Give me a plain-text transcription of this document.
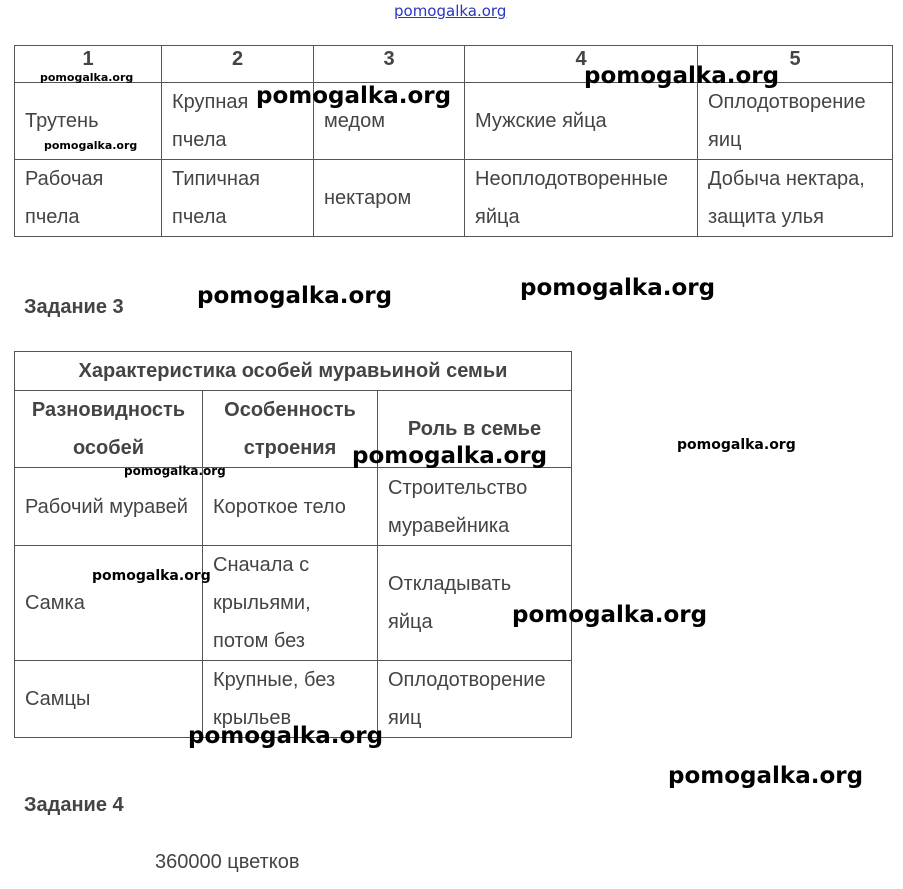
pomogalka.org
1	2	3	4	5
Трутень	Крупная пчела	медом	Мужские яйца	Оплодотворение яиц
Рабочая пчела	Типичная пчела	нектаром	Неоплодотворенные яйца	Добыча нектара, защита улья
Задание 3
Характеристика особей муравьиной семьи		
Разновидность особей	Особенность строения	Роль в семье
Рабочий муравей	Короткое тело	Строительство муравейника
Самка	Сначала с крыльями, потом без	Откладывать яйца
Самцы	Крупные, без крыльев	Оплодотворение яиц
Задание 4
360000 цветков
pomogalka.org
pomogalka.org
pomogalka.org
pomogalka.org
pomogalka.org	pomogalka.org
pomogalka.org
pomogalka.org
pomogalka.org
pomogalka.org
pomogalka.org
pomogalka.org
pomogalka.org
